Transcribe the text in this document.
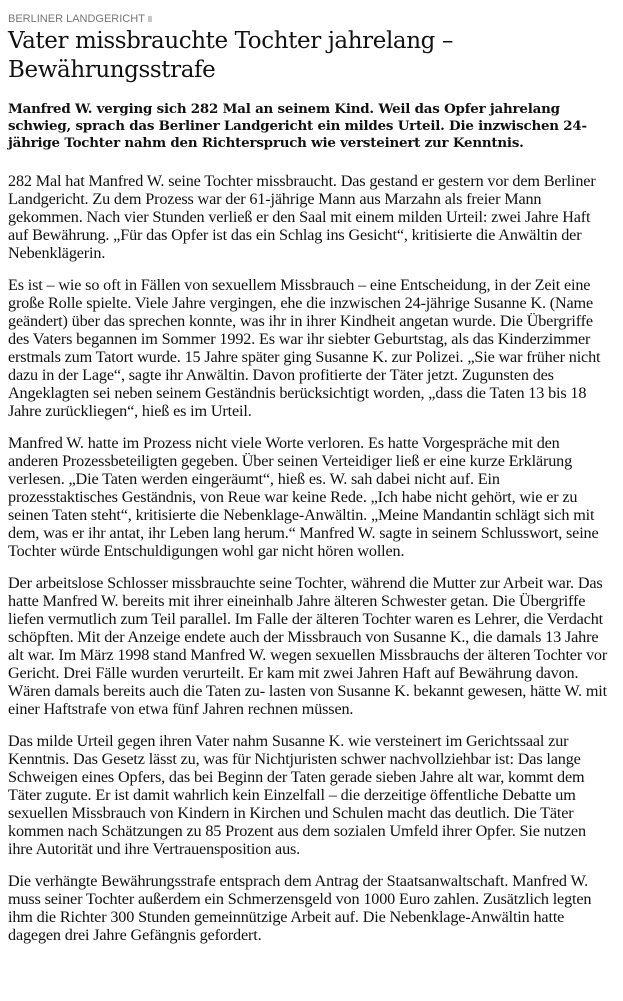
BERLINER LANDGERICHT
Vater missbrauchte Tochter jahrelang – Bewährungsstrafe

Manfred W. verging sich 282 Mal an seinem Kind. Weil das Opfer jahrelang schwieg, sprach das Berliner Landgericht ein mildes Urteil. Die inzwischen 24-jährige Tochter nahm den Richterspruch wie versteinert zur Kenntnis.

282 Mal hat Manfred W. seine Tochter missbraucht. Das gestand er gestern vor dem Berliner Landgericht. Zu dem Prozess war der 61-jährige Mann aus Marzahn als freier Mann gekommen. Nach vier Stunden verließ er den Saal mit einem milden Urteil: zwei Jahre Haft auf Bewährung. „Für das Opfer ist das ein Schlag ins Gesicht“, kritisierte die Anwältin der Nebenklägerin.

Es ist – wie so oft in Fällen von sexuellem Missbrauch – eine Entscheidung, in der Zeit eine große Rolle spielte. Viele Jahre vergingen, ehe die inzwischen 24-jährige Susanne K. (Name geändert) über das sprechen konnte, was ihr in ihrer Kindheit angetan wurde. Die Übergriffe des Vaters begannen im Sommer 1992. Es war ihr siebter Geburtstag, als das Kinderzimmer erstmals zum Tatort wurde. 15 Jahre später ging Susanne K. zur Polizei. „Sie war früher nicht dazu in der Lage“, sagte ihr Anwältin. Davon profitierte der Täter jetzt. Zugunsten des Angeklagten sei neben seinem Geständnis berücksichtigt worden, „dass die Taten 13 bis 18 Jahre zurückliegen“, hieß es im Urteil.

Manfred W. hatte im Prozess nicht viele Worte verloren. Es hatte Vorgespräche mit den anderen Prozessbeteiligten gegeben. Über seinen Verteidiger ließ er eine kurze Erklärung verlesen. „Die Taten werden eingeräumt“, hieß es. W. sah dabei nicht auf. Ein prozesstaktisches Geständnis, von Reue war keine Rede. „Ich habe nicht gehört, wie er zu seinen Taten steht“, kritisierte die Nebenklage-Anwältin. „Meine Mandantin schlägt sich mit dem, was er ihr antat, ihr Leben lang herum.“ Manfred W. sagte in seinem Schlusswort, seine Tochter würde Entschuldigungen wohl gar nicht hören wollen.

Der arbeitslose Schlosser missbrauchte seine Tochter, während die Mutter zur Arbeit war. Das hatte Manfred W. bereits mit ihrer eineinhalb Jahre älteren Schwester getan. Die Übergriffe liefen vermutlich zum Teil parallel. Im Falle der älteren Tochter waren es Lehrer, die Verdacht schöpften. Mit der Anzeige endete auch der Missbrauch von Susanne K., die damals 13 Jahre alt war. Im März 1998 stand Manfred W. wegen sexuellen Missbrauchs der älteren Tochter vor Gericht. Drei Fälle wurden verurteilt. Er kam mit zwei Jahren Haft auf Bewährung davon. Wären damals bereits auch die Taten zu- lasten von Susanne K. bekannt gewesen, hätte W. mit einer Haftstrafe von etwa fünf Jahren rechnen müssen.

Das milde Urteil gegen ihren Vater nahm Susanne K. wie versteinert im Gerichtssaal zur Kenntnis. Das Gesetz lässt zu, was für Nichtjuristen schwer nachvollziehbar ist: Das lange Schweigen eines Opfers, das bei Beginn der Taten gerade sieben Jahre alt war, kommt dem Täter zugute. Er ist damit wahrlich kein Einzelfall – die derzeitige öffentliche Debatte um sexuellen Missbrauch von Kindern in Kirchen und Schulen macht das deutlich. Die Täter kommen nach Schätzungen zu 85 Prozent aus dem sozialen Umfeld ihrer Opfer. Sie nutzen ihre Autorität und ihre Vertrauensposition aus.

Die verhängte Bewährungsstrafe entsprach dem Antrag der Staatsanwaltschaft. Manfred W. muss seiner Tochter außerdem ein Schmerzensgeld von 1000 Euro zahlen. Zusätzlich legten ihm die Richter 300 Stunden gemeinnützige Arbeit auf. Die Nebenklage-Anwältin hatte dagegen drei Jahre Gefängnis gefordert.
